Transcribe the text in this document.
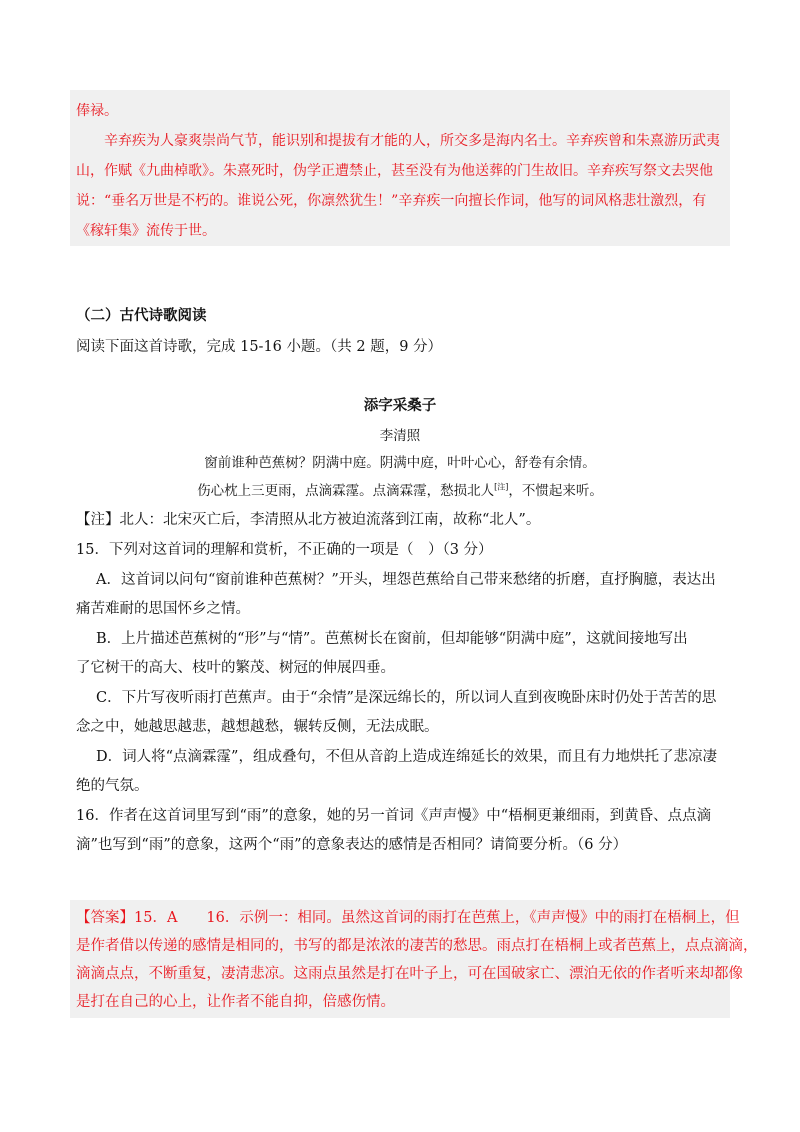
俸禄。
　　辛弃疾为人豪爽崇尚气节，能识别和提拔有才能的人，所交多是海内名士。辛弃疾曾和朱熹游历武夷
山，作赋《九曲棹歌》。朱熹死时，伪学正遭禁止，甚至没有为他送葬的门生故旧。辛弃疾写祭文去哭他
说：“垂名万世是不朽的。谁说公死，你凛然犹生！”辛弃疾一向擅长作词，他写的词风格悲壮激烈，有
《稼轩集》流传于世。
（二）古代诗歌阅读
阅读下面这首诗歌，完成 15-16 小题。（共 2 题，9 分）
添字采桑子
李清照
窗前谁种芭蕉树？阴满中庭。阴满中庭，叶叶心心，舒卷有余情。
伤心枕上三更雨，点滴霖霪。点滴霖霪，愁损北人[注]，不惯起来听。
【注】北人：北宋灭亡后，李清照从北方被迫流落到江南，故称“北人”。
15．下列对这首词的理解和赏析，不正确的一项是（　）（3 分）
A．这首词以问句“窗前谁种芭蕉树？”开头，埋怨芭蕉给自己带来愁绪的折磨，直抒胸臆，表达出
痛苦难耐的思国怀乡之情。
B．上片描述芭蕉树的“形”与“情”。芭蕉树长在窗前，但却能够“阴满中庭”，这就间接地写出
了它树干的高大、枝叶的繁茂、树冠的伸展四垂。
C．下片写夜听雨打芭蕉声。由于“余情”是深远绵长的，所以词人直到夜晚卧床时仍处于苦苦的思
念之中，她越思越悲，越想越愁，辗转反侧，无法成眠。
D．词人将“点滴霖霪”，组成叠句，不但从音韵上造成连绵延长的效果，而且有力地烘托了悲凉凄
绝的气氛。
16．作者在这首词里写到“雨”的意象，她的另一首词《声声慢》中“梧桐更兼细雨，到黄昏、点点滴
滴”也写到“雨”的意象，这两个“雨”的意象表达的感情是否相同？请简要分析。（6 分）
【答案】15．A　　16．示例一：相同。虽然这首词的雨打在芭蕉上，《声声慢》中的雨打在梧桐上，但
是作者借以传递的感情是相同的，书写的都是浓浓的凄苦的愁思。雨点打在梧桐上或者芭蕉上，点点滴滴，
滴滴点点，不断重复，凄清悲凉。这雨点虽然是打在叶子上，可在国破家亡、漂泊无依的作者听来却都像
是打在自己的心上，让作者不能自抑，倍感伤情。
